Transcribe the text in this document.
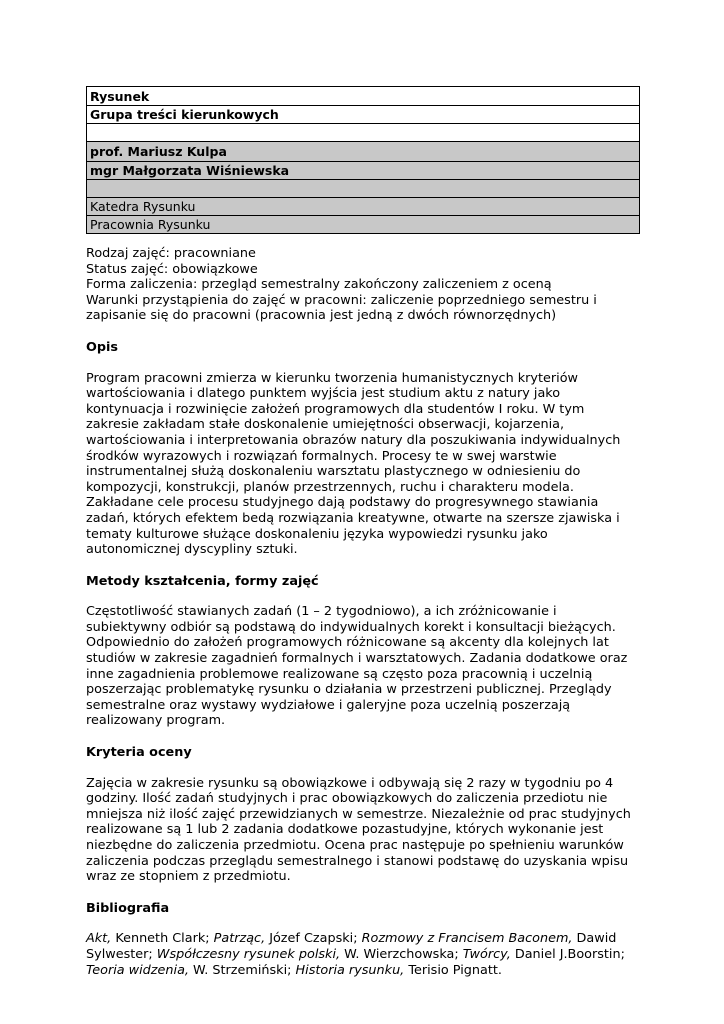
Rysunek
Grupa treści kierunkowych

prof. Mariusz Kulpa
mgr Małgorzata Wiśniewska

Katedra Rysunku
Pracownia Rysunku
Rodzaj zajęć: pracowniane
Status zajęć: obowiązkowe
Forma zaliczenia: przegląd semestralny zakończony zaliczeniem z oceną
Warunki przystąpienia do zajęć w pracowni: zaliczenie poprzedniego semestru i zapisanie się do pracowni (pracownia jest jedną z dwóch równorzędnych)
Opis

Program pracowni zmierza w kierunku tworzenia humanistycznych kryteriów wartościowania i dlatego punktem wyjścia jest studium aktu z natury jako kontynuacja i rozwinięcie założeń programowych dla studentów I roku. W tym zakresie zakładam stałe doskonalenie umiejętności obserwacji, kojarzenia, wartościowania i interpretowania obrazów natury dla poszukiwania indywidualnych środków wyrazowych i rozwiązań formalnych. Procesy te w swej warstwie instrumentalnej służą doskonaleniu warsztatu plastycznego w odniesieniu do kompozycji, konstrukcji, planów przestrzennych, ruchu i charakteru modela. Zakładane cele procesu studyjnego dają podstawy do progresywnego stawiania zadań, których efektem bedą rozwiązania kreatywne, otwarte na szersze zjawiska i tematy kulturowe służące doskonaleniu języka wypowiedzi rysunku jako autonomicznej dyscypliny sztuki.

Metody kształcenia, formy zajęć

Częstotliwość stawianych zadań (1 – 2 tygodniowo), a ich zróżnicowanie i subiektywny odbiór są podstawą do indywidualnych korekt i konsultacji bieżących.

Odpowiednio do założeń programowych różnicowane są akcenty dla kolejnych lat studiów w zakresie zagadnień formalnych i warsztatowych. Zadania dodatkowe oraz inne zagadnienia problemowe realizowane są często poza pracownią i uczelnią poszerzając problematykę rysunku o działania w przestrzeni publicznej. Przeglądy semestralne oraz wystawy wydziałowe i galeryjne poza uczelnią poszerzają realizowany program.

Kryteria oceny

Zajęcia w zakresie rysunku są obowiązkowe i odbywają się 2 razy w tygodniu po 4 godziny. Ilość zadań studyjnych i prac obowiązkowych do zaliczenia przediotu nie mniejsza niż ilość zajęć przewidzianych w semestrze. Niezależnie od prac studyjnych realizowane są 1 lub 2 zadania dodatkowe pozastudyjne, których wykonanie jest niezbędne do zaliczenia przedmiotu. Ocena prac następuje po spełnieniu warunków zaliczenia podczas przeglądu semestralnego i stanowi podstawę do uzyskania wpisu wraz ze stopniem z przedmiotu.

Bibliografia

Akt, Kenneth Clark; Patrząc, Józef Czapski; Rozmowy z Francisem Baconem, Dawid Sylwester; Współczesny rysunek polski, W. Wierzchowska; Twórcy, Daniel J.Boorstin; Teoria widzenia, W. Strzemiński; Historia rysunku, Terisio Pignatt.
